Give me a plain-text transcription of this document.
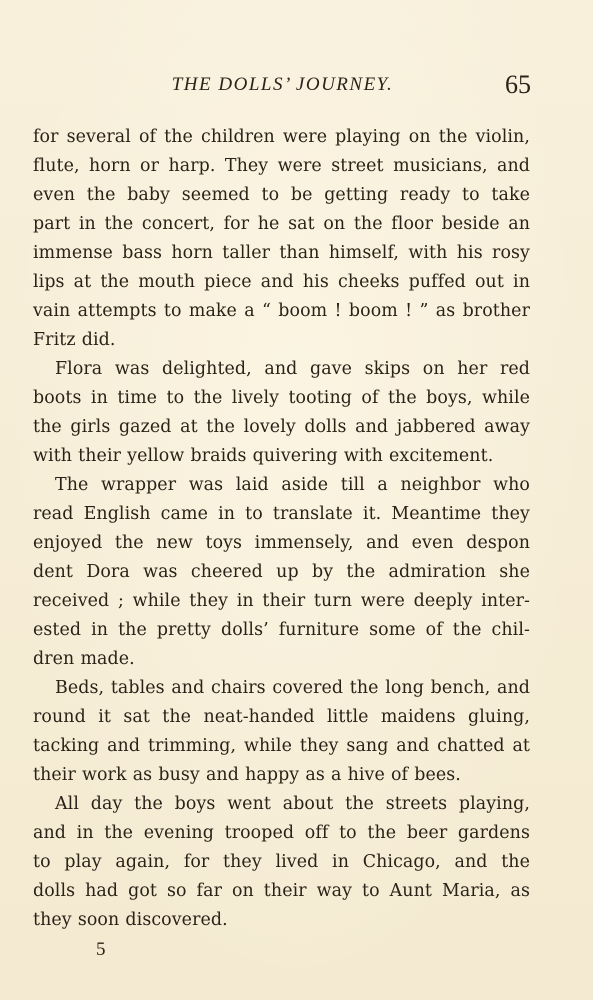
THE DOLLS’ JOURNEY.	65

for several of the children were playing on the violin,
flute, horn or harp. They were street musicians, and
even the baby seemed to be getting ready to take
part in the concert, for he sat on the floor beside an
immense bass horn taller than himself, with his rosy
lips at the mouth piece and his cheeks puffed out in
vain attempts to make a “ boom ! boom ! ” as brother
Fritz did.

Flora was delighted, and gave skips on her red
boots in time to the lively tooting of the boys, while
the girls gazed at the lovely dolls and jabbered away
with their yellow braids quivering with excitement.

The wrapper was laid aside till a neighbor who
read English came in to translate it. Meantime they
enjoyed the new toys immensely, and even despon
dent Dora was cheered up by the admiration she
received ; while they in their turn were deeply inter-
ested in the pretty dolls’ furniture some of the chil-
dren made.

Beds, tables and chairs covered the long bench, and
round it sat the neat-handed little maidens gluing,
tacking and trimming, while they sang and chatted at
their work as busy and happy as a hive of bees.

All day the boys went about the streets playing,
and in the evening trooped off to the beer gardens
to play again, for they lived in Chicago, and the
dolls had got so far on their way to Aunt Maria, as
they soon discovered.

5
